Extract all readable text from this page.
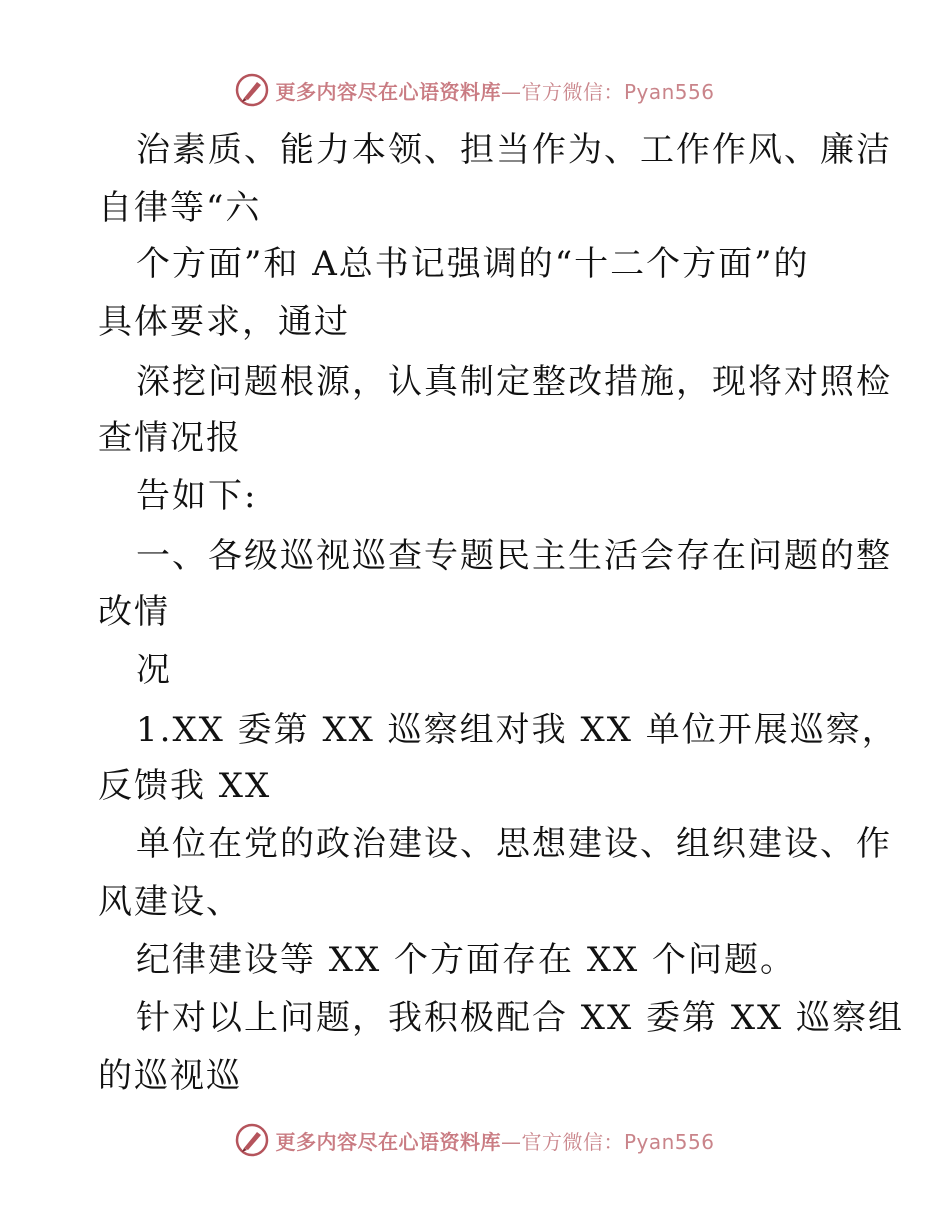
更多内容尽在心语资料库—官方微信：Pyan556
治素质、能力本领、担当作为、工作作风、廉洁
自律等“六
个方面”和 A总书记强调的“十二个方面”的
具体要求，通过
深挖问题根源，认真制定整改措施，现将对照检
查情况报
告如下:
一、各级巡视巡查专题民主生活会存在问题的整
改情
况
1.XX 委第 XX 巡察组对我 XX 单位开展巡察，
反馈我 XX
单位在党的政治建设、思想建设、组织建设、作
风建设、
纪律建设等 XX 个方面存在 XX 个问题。
针对以上问题，我积极配合 XX 委第 XX 巡察组
的巡视巡
更多内容尽在心语资料库—官方微信：Pyan556
